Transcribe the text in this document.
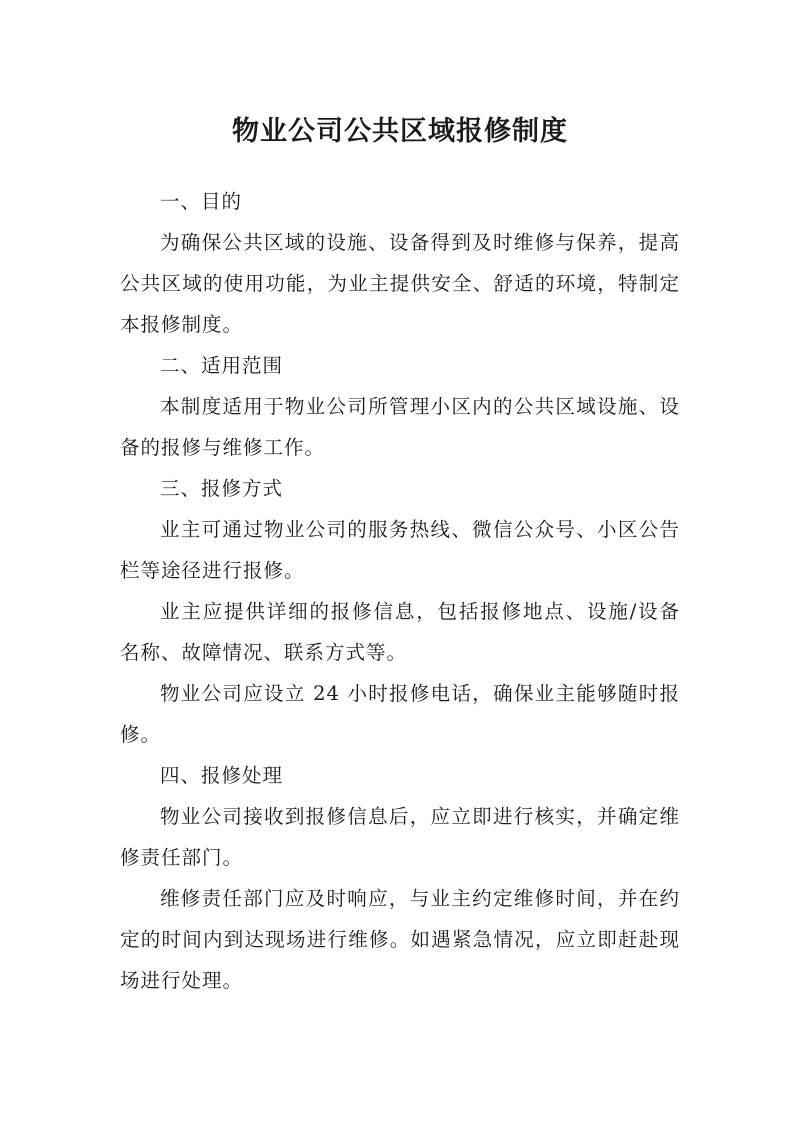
物业公司公共区域报修制度

一、目的

为确保公共区域的设施、设备得到及时维修与保养，提高公共区域的使用功能，为业主提供安全、舒适的环境，特制定本报修制度。

二、适用范围

本制度适用于物业公司所管理小区内的公共区域设施、设备的报修与维修工作。

三、报修方式

业主可通过物业公司的服务热线、微信公众号、小区公告栏等途径进行报修。

业主应提供详细的报修信息，包括报修地点、设施/设备名称、故障情况、联系方式等。

物业公司应设立 24 小时报修电话，确保业主能够随时报修。

四、报修处理

物业公司接收到报修信息后，应立即进行核实，并确定维修责任部门。

维修责任部门应及时响应，与业主约定维修时间，并在约定的时间内到达现场进行维修。如遇紧急情况，应立即赶赴现场进行处理。
